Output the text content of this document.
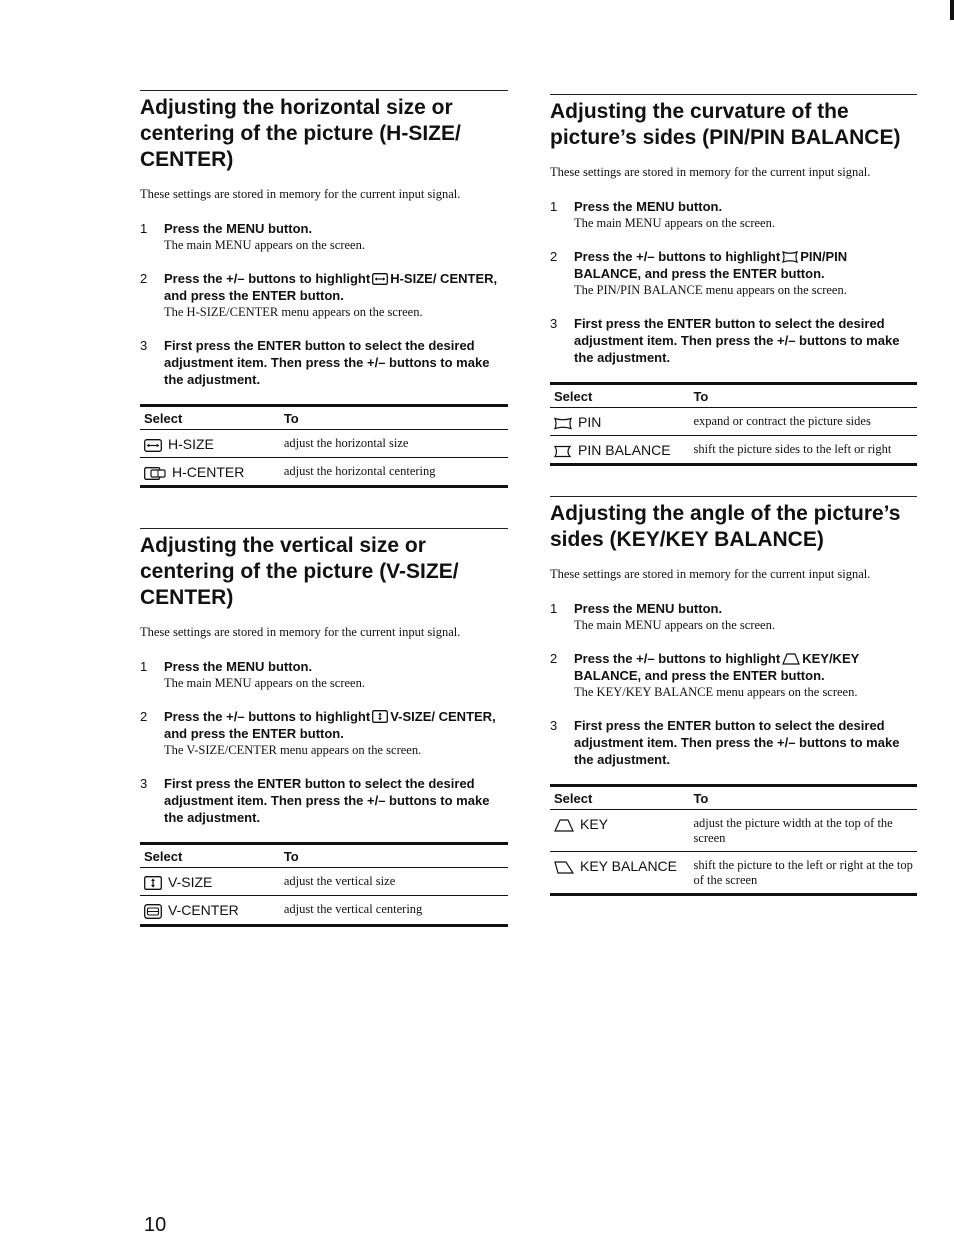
Adjusting the horizontal size or centering of the picture (H-SIZE/ CENTER)

These settings are stored in memory for the current input signal.

1	Press the MENU button.
The main MENU appears on the screen.
2	Press the +/– buttons to highlight H-SIZE/ CENTER, and press the ENTER button.
The H-SIZE/CENTER menu appears on the screen.
3	First press the ENTER button to select the desired adjustment item. Then press the +/– buttons to make the adjustment.
Select	To

H-SIZE	adjust the horizontal size

H-CENTER	adjust the horizontal centering
Adjusting the vertical size or centering of the picture (V-SIZE/ CENTER)

These settings are stored in memory for the current input signal.

1	Press the MENU button.
The main MENU appears on the screen.
2	Press the +/– buttons to highlight V-SIZE/ CENTER, and press the ENTER button.
The V-SIZE/CENTER menu appears on the screen.
3	First press the ENTER button to select the desired adjustment item. Then press the +/– buttons to make the adjustment.
Select	To

V-SIZE	adjust the vertical size

V-CENTER	adjust the vertical centering
Adjusting the curvature of the picture’s sides (PIN/PIN BALANCE)

These settings are stored in memory for the current input signal.

1	Press the MENU button.
The main MENU appears on the screen.
2	Press the +/– buttons to highlight PIN/PIN BALANCE, and press the ENTER button.
The PIN/PIN BALANCE menu appears on the screen.
3	First press the ENTER button to select the desired adjustment item. Then press the +/– buttons to make the adjustment.
Select	To

PIN	expand or contract the picture sides

PIN BALANCE	shift the picture sides to the left or right
Adjusting the angle of the picture’s sides (KEY/KEY BALANCE)

These settings are stored in memory for the current input signal.

1	Press the MENU button.
The main MENU appears on the screen.
2	Press the +/– buttons to highlight KEY/KEY BALANCE, and press the ENTER button.
The KEY/KEY BALANCE menu appears on the screen.
3	First press the ENTER button to select the desired adjustment item. Then press the +/– buttons to make the adjustment.
Select	To

KEY	adjust the picture width at the top of the screen

KEY BALANCE	shift the picture to the left or right at the top of the screen
10
